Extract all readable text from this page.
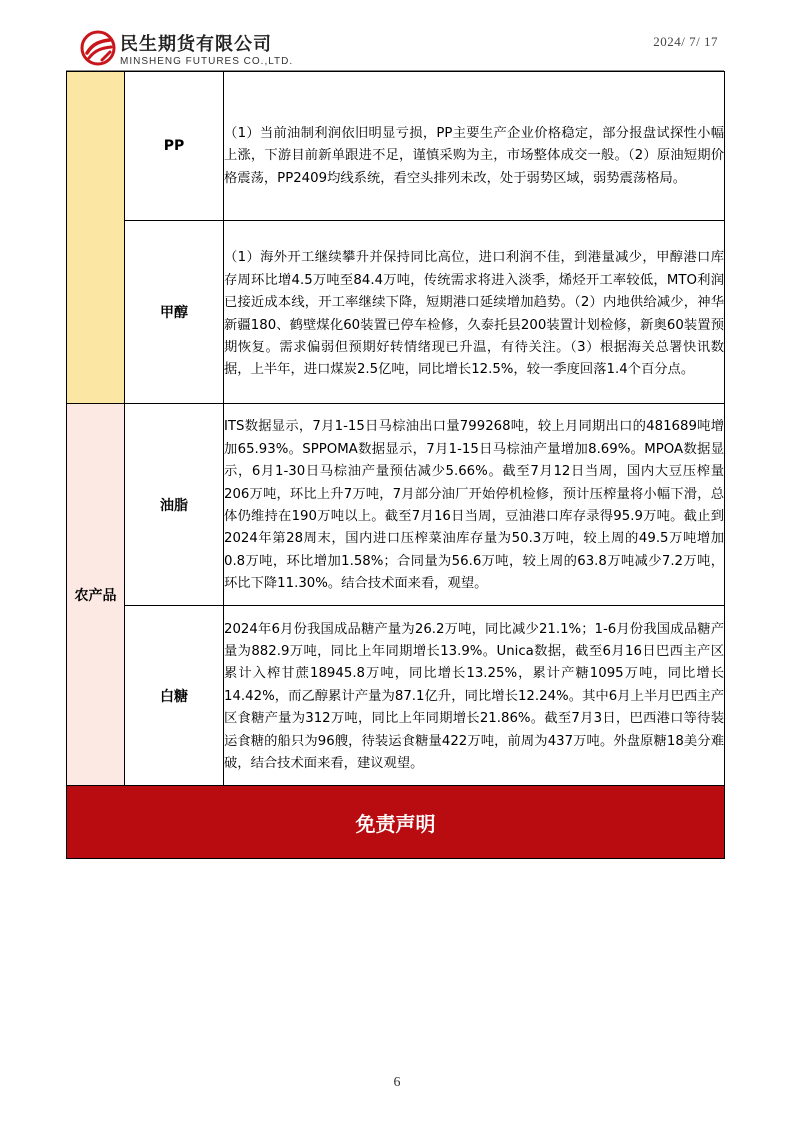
民生期货有限公司
MINSHENG FUTURES CO.,LTD.
2024/ 7/ 17
	PP	（1）当前油制利润依旧明显亏损，PP主要生产企业价格稳定，部分报盘试探性小幅上涨，下游目前新单跟进不足，谨慎采购为主，市场整体成交一般。（2）原油短期价格震荡，PP2409均线系统，看空头排列未改，处于弱势区域，弱势震荡格局。
	甲醇	（1）海外开工继续攀升并保持同比高位，进口利润不佳，到港量减少，甲醇港口库存周环比增4.5万吨至84.4万吨，传统需求将进入淡季，烯烃开工率较低，MTO利润已接近成本线，开工率继续下降，短期港口延续增加趋势。（2）内地供给减少，神华新疆180、鹤壁煤化60装置已停车检修，久泰托县200装置计划检修，新奥60装置预期恢复。需求偏弱但预期好转情绪现已升温，有待关注。（3）根据海关总署快讯数据，上半年，进口煤炭2.5亿吨，同比增长12.5%，较一季度回落1.4个百分点。
农产品	油脂	ITS数据显示，7月1-15日马棕油出口量799268吨，较上月同期出口的481689吨增加65.93%。SPPOMA数据显示，7月1-15日马棕油产量增加8.69%。MPOA数据显示，6月1-30日马棕油产量预估减少5.66%。截至7月12日当周，国内大豆压榨量206万吨，环比上升7万吨，7月部分油厂开始停机检修，预计压榨量将小幅下滑，总体仍维持在190万吨以上。截至7月16日当周，豆油港口库存录得95.9万吨。截止到2024年第28周末，国内进口压榨菜油库存量为50.3万吨，较上周的49.5万吨增加0.8万吨，环比增加1.58%；合同量为56.6万吨，较上周的63.8万吨减少7.2万吨，环比下降11.30%。结合技术面来看，观望。
	白糖	2024年6月份我国成品糖产量为26.2万吨，同比减少21.1%；1-6月份我国成品糖产量为882.9万吨，同比上年同期增长13.9%。Unica数据，截至6月16日巴西主产区累计入榨甘蔗18945.8万吨，同比增长13.25%，累计产糖1095万吨，同比增长14.42%，而乙醇累计产量为87.1亿升，同比增长12.24%。其中6月上半月巴西主产区食糖产量为312万吨，同比上年同期增长21.86%。截至7月3日，巴西港口等待装运食糖的船只为96艘，待装运食糖量422万吨，前周为437万吨。外盘原糖18美分难破，结合技术面来看，建议观望。
免责声明		
6
